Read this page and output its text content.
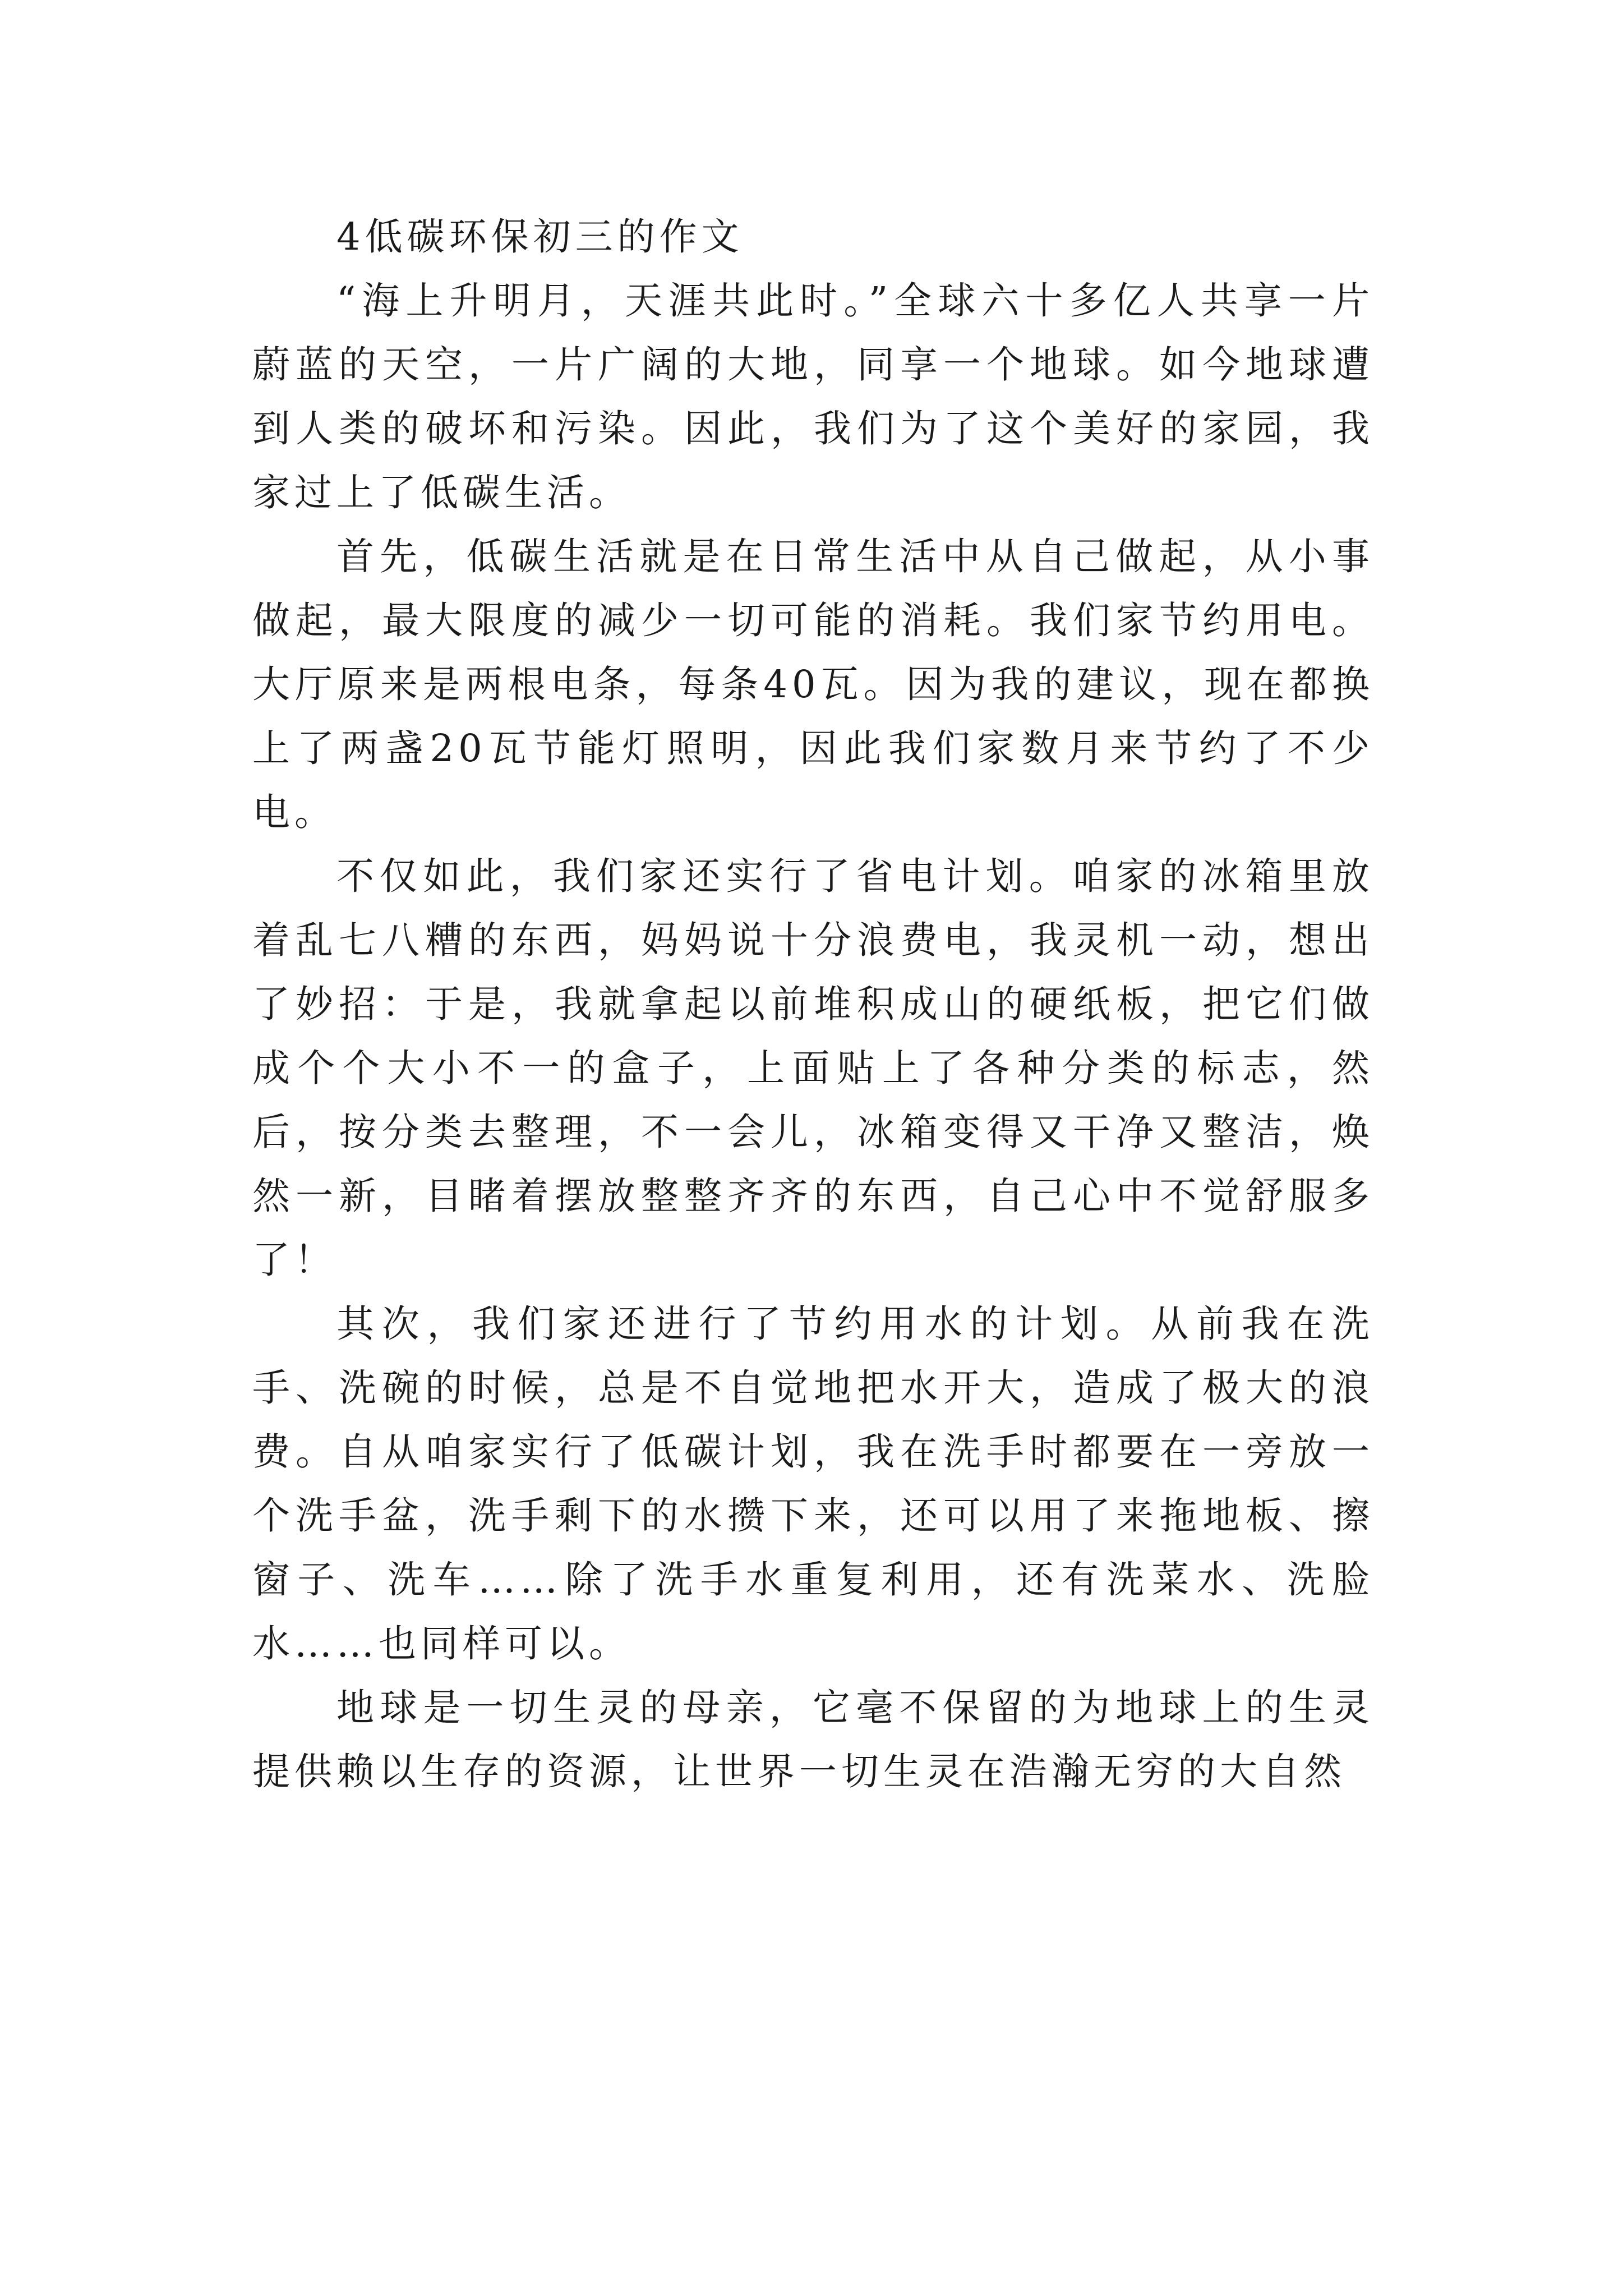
4低碳环保初三的作文

“海上升明月，天涯共此时。”全球六十多亿人共享一片蔚蓝的天空，一片广阔的大地，同享一个地球。如今地球遭到人类的破坏和污染。因此，我们为了这个美好的家园，我家过上了低碳生活。

首先，低碳生活就是在日常生活中从自己做起，从小事做起，最大限度的减少一切可能的消耗。我们家节约用电。大厅原来是两根电条，每条40瓦。因为我的建议，现在都换上了两盏20瓦节能灯照明，因此我们家数月来节约了不少电。

不仅如此，我们家还实行了省电计划。咱家的冰箱里放着乱七八糟的东西，妈妈说十分浪费电，我灵机一动，想出了妙招：于是，我就拿起以前堆积成山的硬纸板，把它们做成个个大小不一的盒子，上面贴上了各种分类的标志，然后，按分类去整理，不一会儿，冰箱变得又干净又整洁，焕然一新，目睹着摆放整整齐齐的东西，自己心中不觉舒服多了！

其次，我们家还进行了节约用水的计划。从前我在洗手、洗碗的时候，总是不自觉地把水开大，造成了极大的浪费。自从咱家实行了低碳计划，我在洗手时都要在一旁放一个洗手盆，洗手剩下的水攒下来，还可以用了来拖地板、擦窗子、洗车……除了洗手水重复利用，还有洗菜水、洗脸水……也同样可以。

地球是一切生灵的母亲，它毫不保留的为地球上的生灵提供赖以生存的资源，让世界一切生灵在浩瀚无穷的大自然
